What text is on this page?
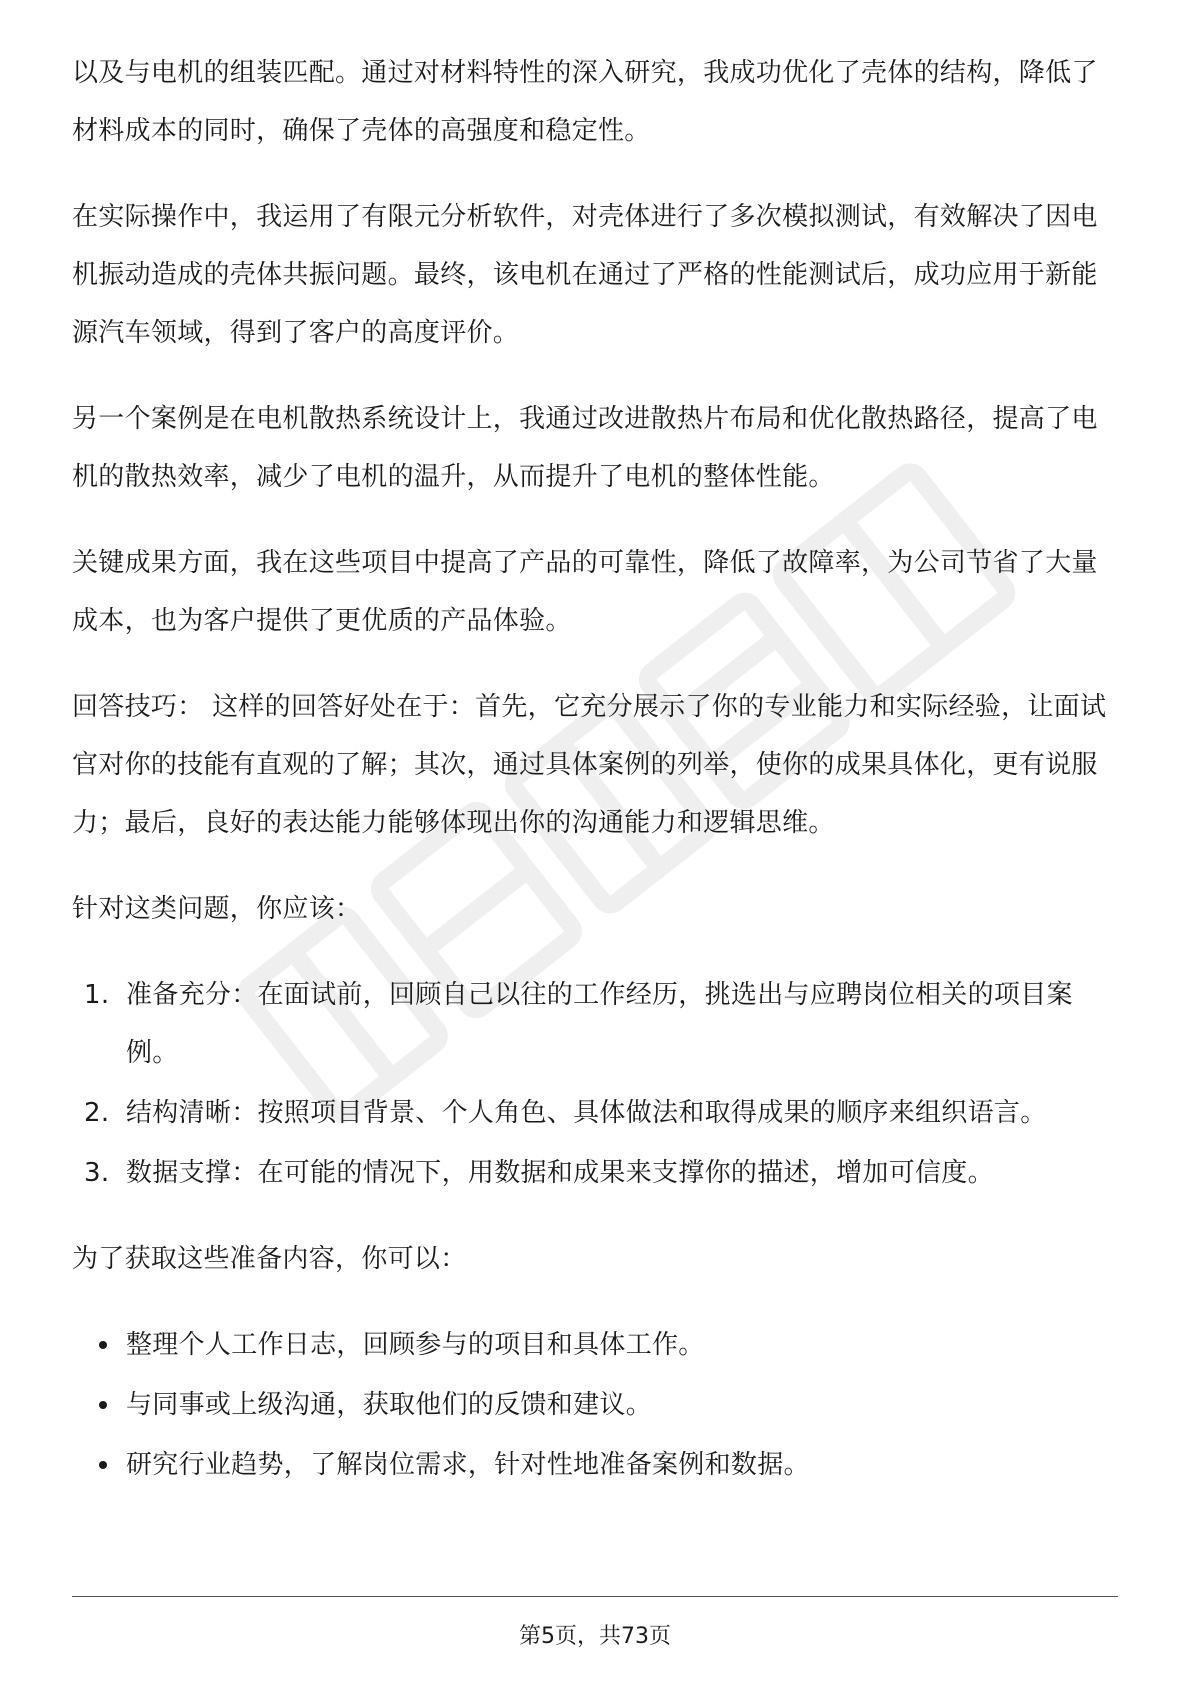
以及与电机的组装匹配。通过对材料特性的深入研究，我成功优化了壳体的结构，降低了材料成本的同时，确保了壳体的高强度和稳定性。

在实际操作中，我运用了有限元分析软件，对壳体进行了多次模拟测试，有效解决了因电机振动造成的壳体共振问题。最终，该电机在通过了严格的性能测试后，成功应用于新能源汽车领域，得到了客户的高度评价。

另一个案例是在电机散热系统设计上，我通过改进散热片布局和优化散热路径，提高了电机的散热效率，减少了电机的温升，从而提升了电机的整体性能。

关键成果方面，我在这些项目中提高了产品的可靠性，降低了故障率，为公司节省了大量成本，也为客户提供了更优质的产品体验。

回答技巧： 这样的回答好处在于：首先，它充分展示了你的专业能力和实际经验，让面试官对你的技能有直观的了解；其次，通过具体案例的列举，使你的成果具体化，更有说服力；最后，良好的表达能力能够体现出你的沟通能力和逻辑思维。

针对这类问题，你应该：

1. 准备充分：在面试前，回顾自己以往的工作经历，挑选出与应聘岗位相关的项目案例。
2. 结构清晰：按照项目背景、个人角色、具体做法和取得成果的顺序来组织语言。
3. 数据支撑：在可能的情况下，用数据和成果来支撑你的描述，增加可信度。

为了获取这些准备内容，你可以：

整理个人工作日志，回顾参与的项目和具体工作。
与同事或上级沟通，获取他们的反馈和建议。
研究行业趋势，了解岗位需求，针对性地准备案例和数据。
第5页，共73页
